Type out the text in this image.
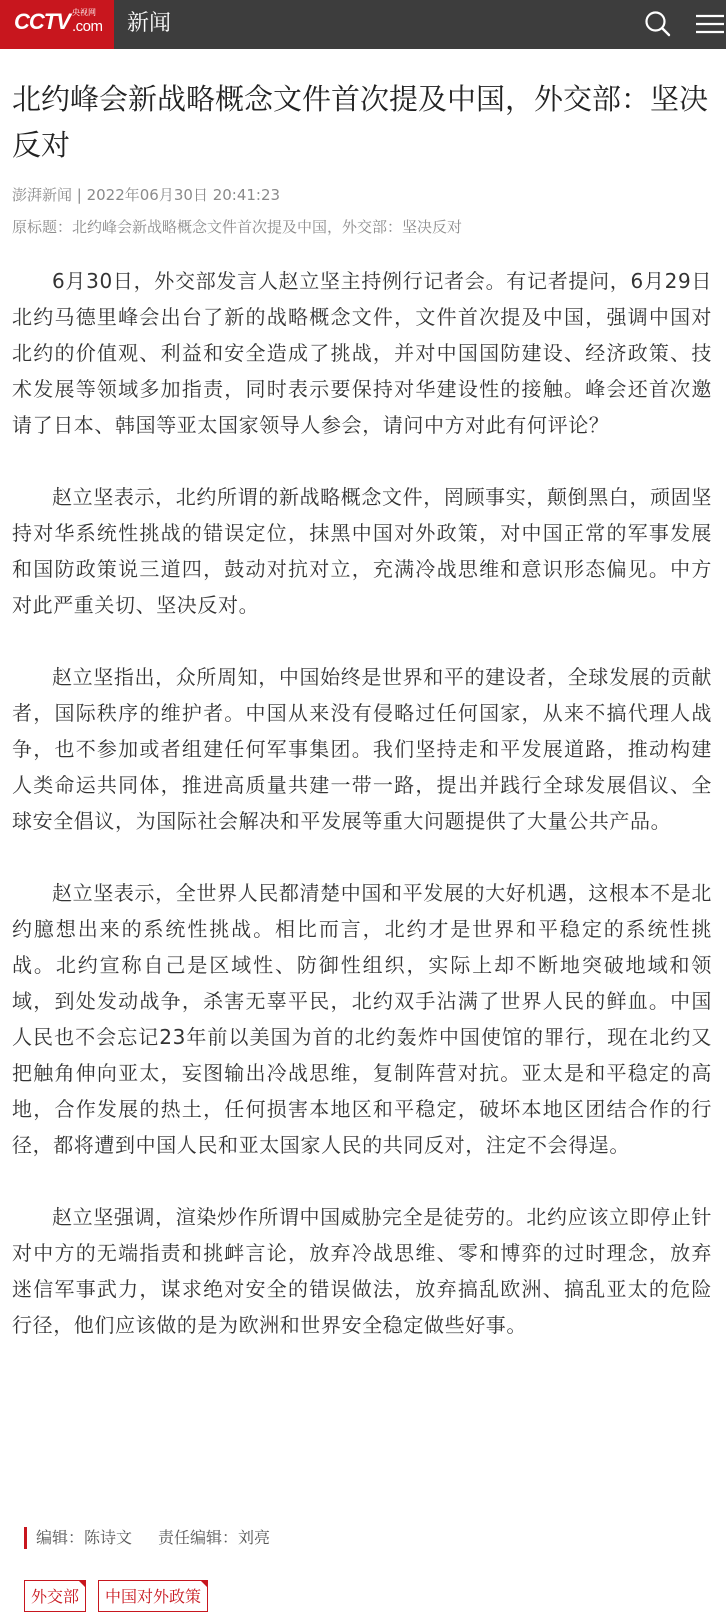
CCTV 央视网
.com 新闻
北约峰会新战略概念文件首次提及中国，外交部：坚决反对
澎湃新闻 | 2022年06月30日 20:41:23
原标题：北约峰会新战略概念文件首次提及中国，外交部：坚决反对

6月30日，外交部发言人赵立坚主持例行记者会。有记者提问，6月29日北约马德里峰会出台了新的战略概念文件，文件首次提及中国，强调中国对北约的价值观、利益和安全造成了挑战，并对中国国防建设、经济政策、技术发展等领域多加指责，同时表示要保持对华建设性的接触。峰会还首次邀请了日本、韩国等亚太国家领导人参会，请问中方对此有何评论？

赵立坚表示，北约所谓的新战略概念文件，罔顾事实，颠倒黑白，顽固坚持对华系统性挑战的错误定位，抹黑中国对外政策，对中国正常的军事发展和国防政策说三道四，鼓动对抗对立，充满冷战思维和意识形态偏见。中方对此严重关切、坚决反对。

赵立坚指出，众所周知，中国始终是世界和平的建设者，全球发展的贡献者，国际秩序的维护者。中国从来没有侵略过任何国家，从来不搞代理人战争，也不参加或者组建任何军事集团。我们坚持走和平发展道路，推动构建人类命运共同体，推进高质量共建一带一路，提出并践行全球发展倡议、全球安全倡议，为国际社会解决和平发展等重大问题提供了大量公共产品。

赵立坚表示，全世界人民都清楚中国和平发展的大好机遇，这根本不是北约臆想出来的系统性挑战。相比而言，北约才是世界和平稳定的系统性挑战。北约宣称自己是区域性、防御性组织，实际上却不断地突破地域和领域，到处发动战争，杀害无辜平民，北约双手沾满了世界人民的鲜血。中国人民也不会忘记23年前以美国为首的北约轰炸中国使馆的罪行，现在北约又把触角伸向亚太，妄图输出冷战思维，复制阵营对抗。亚太是和平稳定的高地，合作发展的热土，任何损害本地区和平稳定，破坏本地区团结合作的行径，都将遭到中国人民和亚太国家人民的共同反对，注定不会得逞。

赵立坚强调，渲染炒作所谓中国威胁完全是徒劳的。北约应该立即停止针对中方的无端指责和挑衅言论，放弃冷战思维、零和博弈的过时理念，放弃迷信军事武力，谋求绝对安全的错误做法，放弃搞乱欧洲、搞乱亚太的危险行径，他们应该做的是为欧洲和世界安全稳定做些好事。

编辑：陈诗文 责任编辑：刘亮
外交部 中国对外政策
